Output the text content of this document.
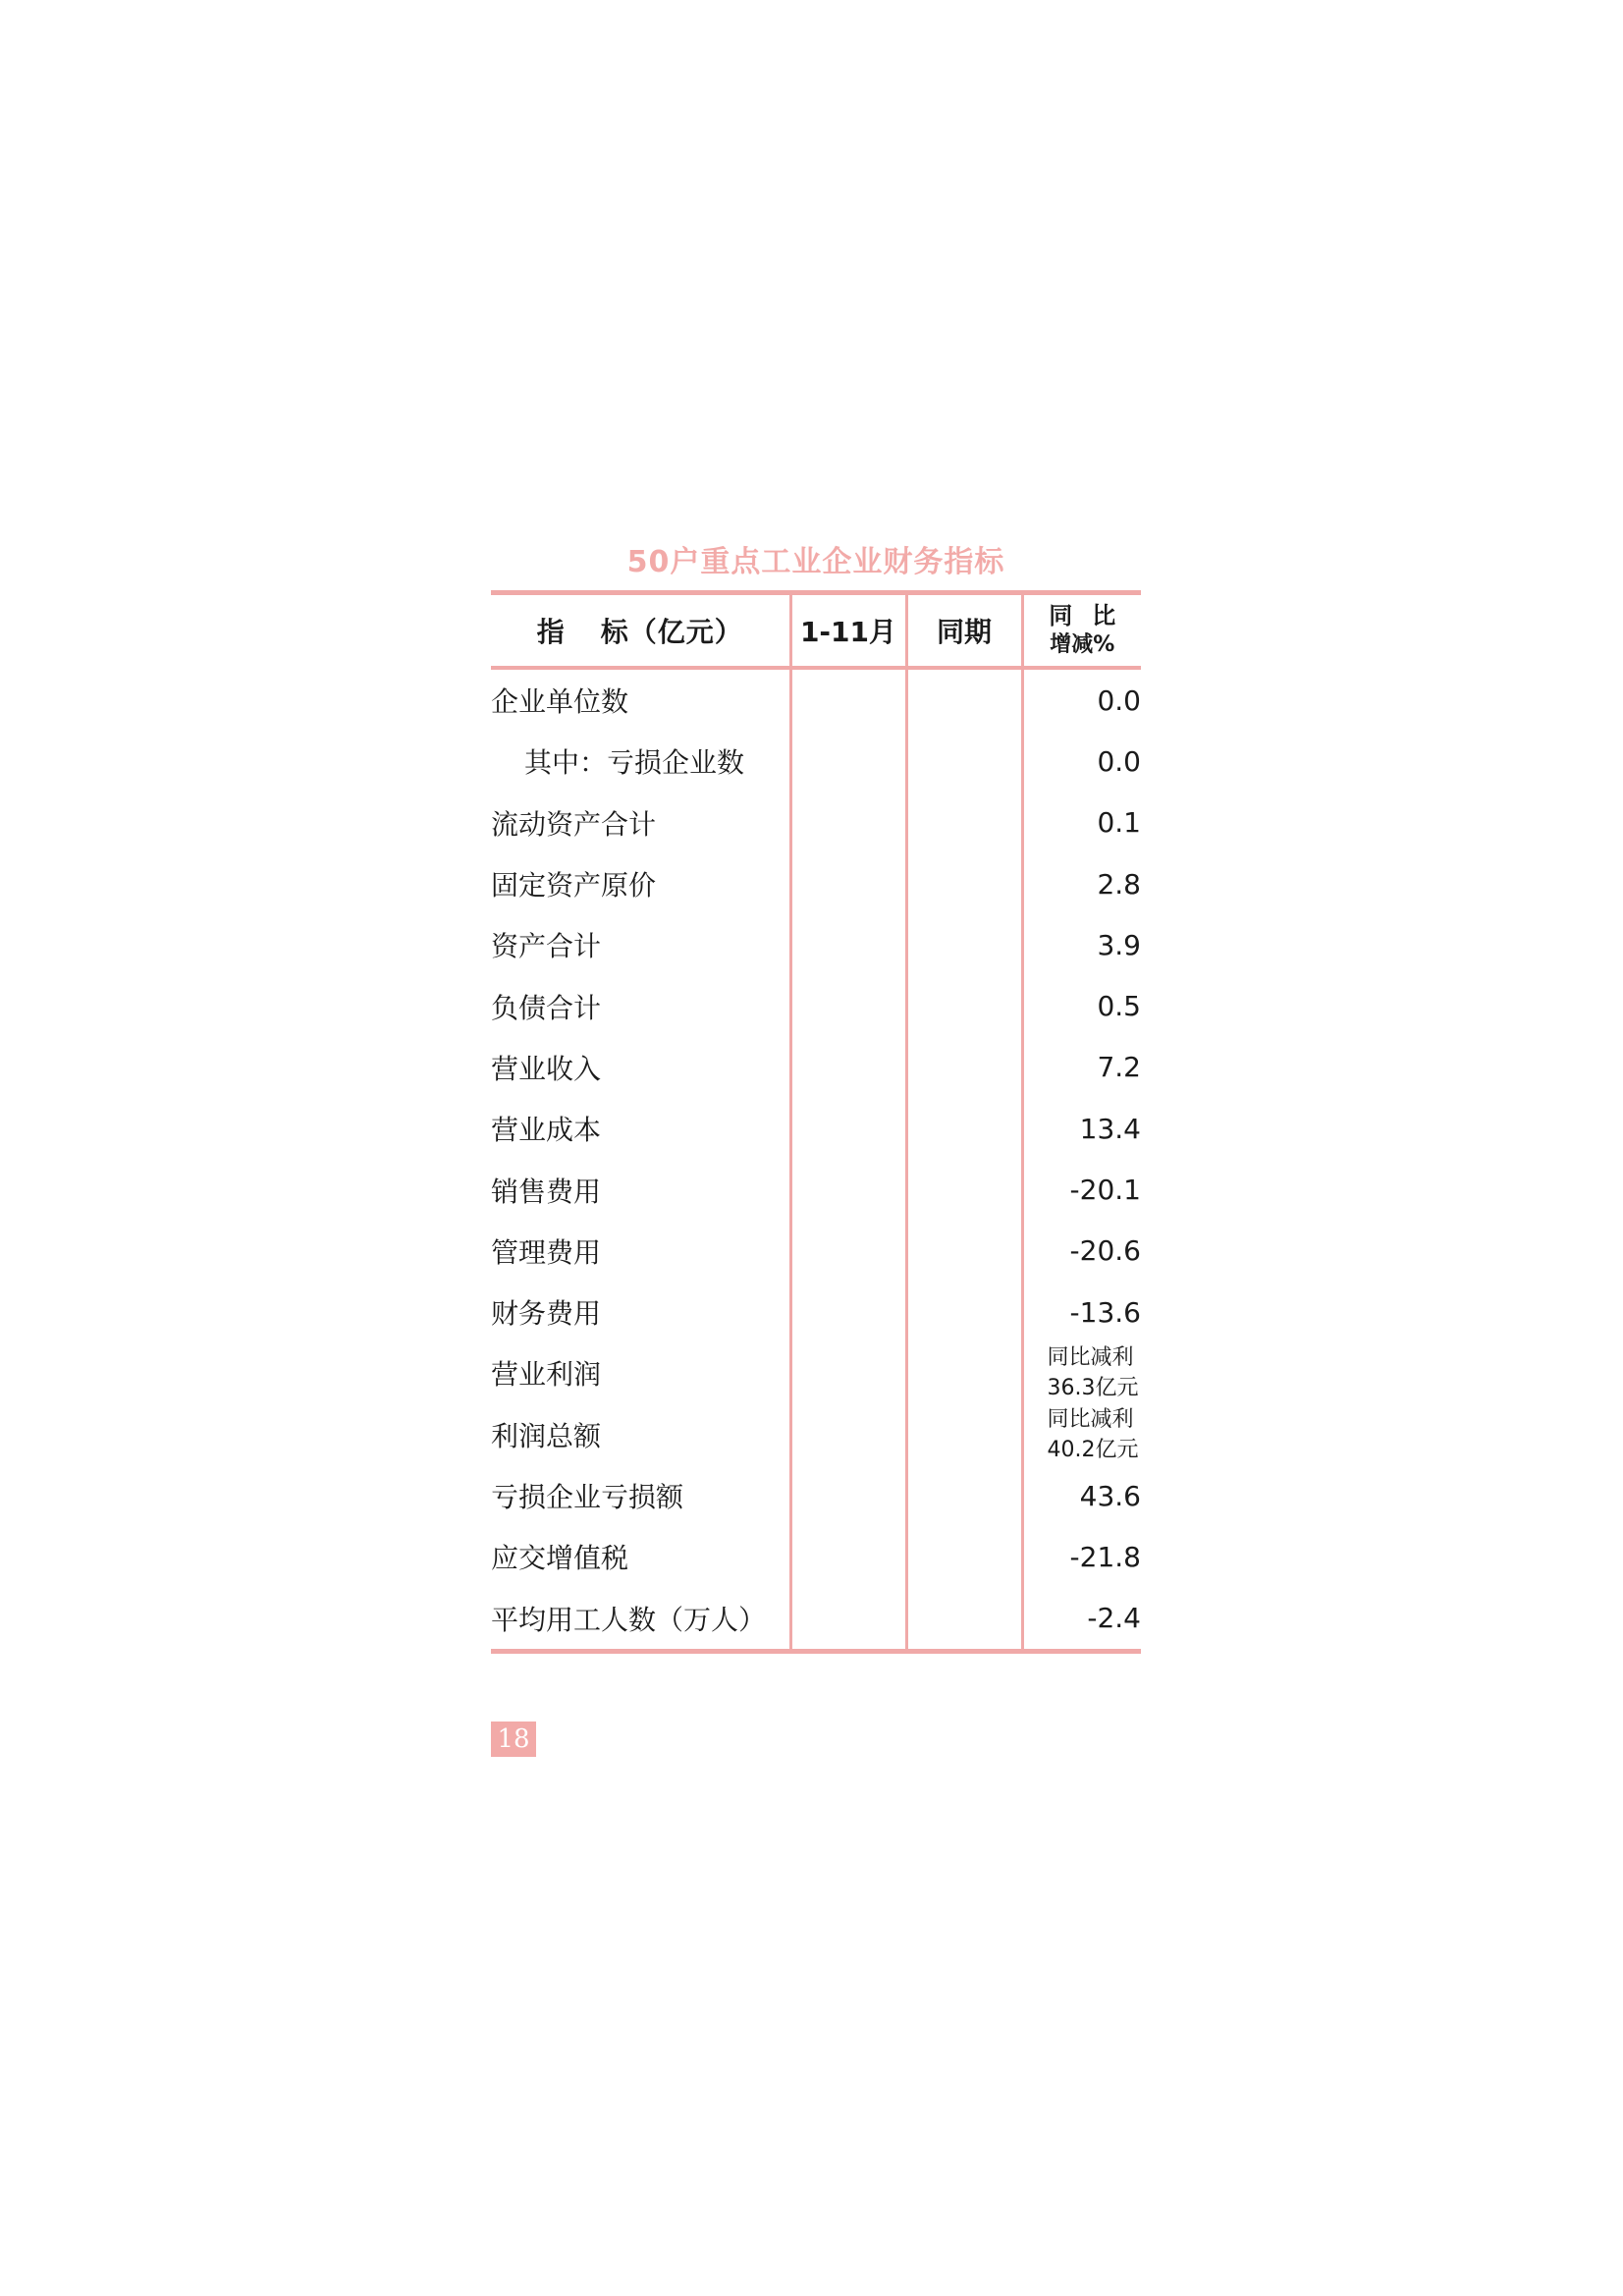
50户重点工业企业财务指标
指 标（亿元）	1-11月	同期	同比
增减%

企业单位数			0.0
其中：亏损企业数			0.0
流动资产合计			0.1
固定资产原价			2.8
资产合计			3.9
负债合计			0.5
营业收入			7.2
营业成本			13.4
销售费用			-20.1
管理费用			-20.6
财务费用			-13.6
营业利润			同比减利
36.3亿元

利润总额			同比减利
40.2亿元

亏损企业亏损额			43.6
应交增值税			-21.8
平均用工人数（万人）			-2.4
18
